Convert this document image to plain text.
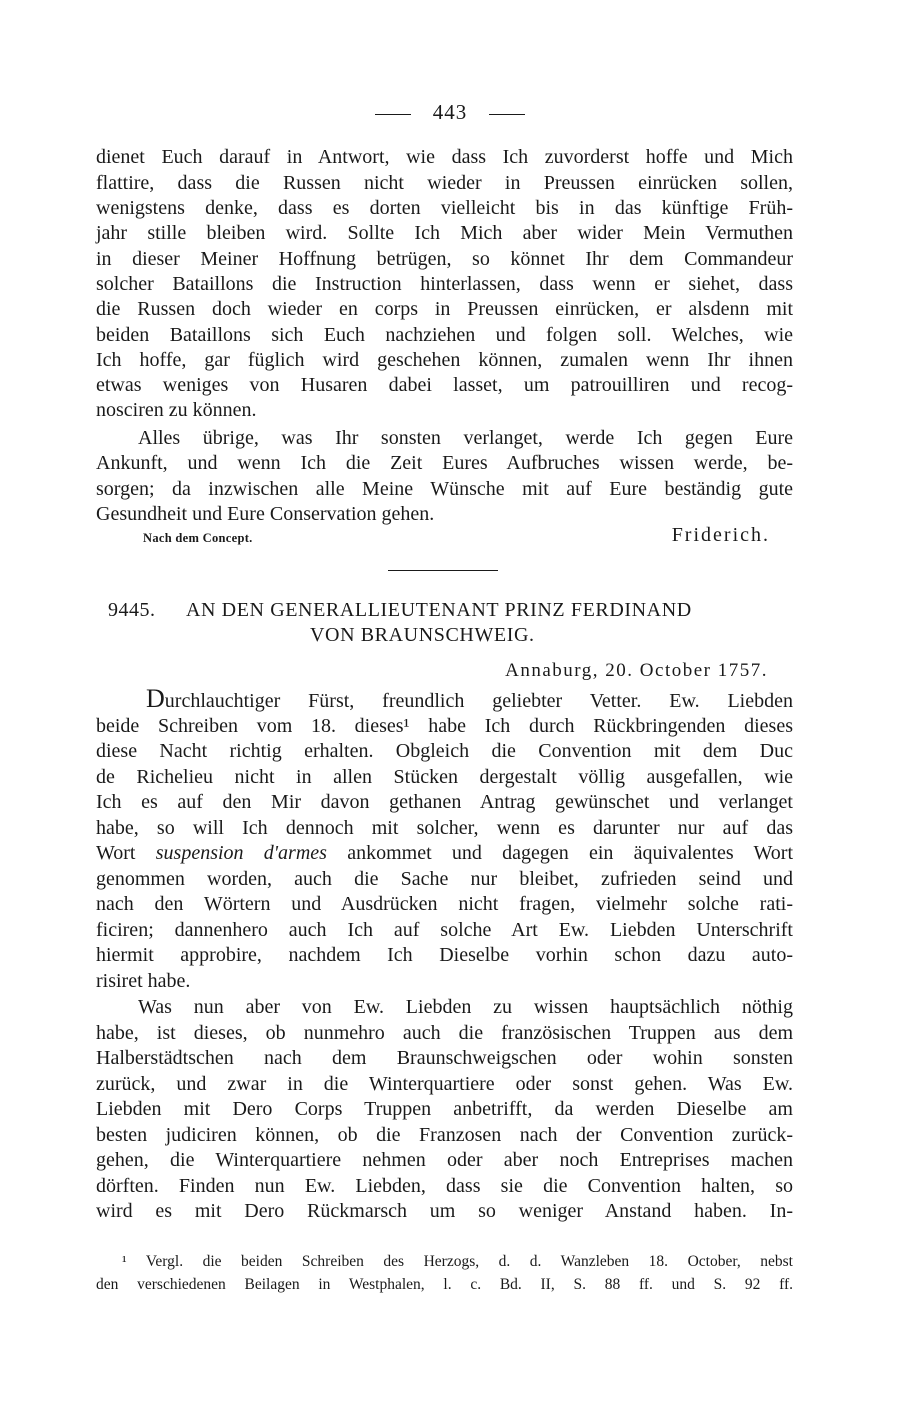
443
dienet Euch darauf in Antwort, wie dass Ich zuvorderst hoffe und Mich
flattire, dass die Russen nicht wieder in Preussen einrücken sollen,
wenigstens denke, dass es dorten vielleicht bis in das künftige Früh-
jahr stille bleiben wird. Sollte Ich Mich aber wider Mein Vermuthen
in dieser Meiner Hoffnung betrügen, so könnet Ihr dem Commandeur
solcher Bataillons die Instruction hinterlassen, dass wenn er siehet, dass
die Russen doch wieder en corps in Preussen einrücken, er alsdenn mit
beiden Bataillons sich Euch nachziehen und folgen soll. Welches, wie
Ich hoffe, gar füglich wird geschehen können, zumalen wenn Ihr ihnen
etwas weniges von Husaren dabei lasset, um patrouilliren und recog-
nosciren zu können.
Alles übrige, was Ihr sonsten verlanget, werde Ich gegen Eure
Ankunft, und wenn Ich die Zeit Eures Aufbruches wissen werde, be-
sorgen; da inzwischen alle Meine Wünsche mit auf Eure beständig gute
Gesundheit und Eure Conservation gehen.
Nach dem Concept.	Friderich.
9445. AN DEN GENERALLIEUTENANT PRINZ FERDINAND
VON BRAUNSCHWEIG.
Annaburg, 20. October 1757.
Durchlauchtiger Fürst, freundlich geliebter Vetter. Ew. Liebden
beide Schreiben vom 18. dieses¹ habe Ich durch Rückbringenden dieses
diese Nacht richtig erhalten. Obgleich die Convention mit dem Duc
de Richelieu nicht in allen Stücken dergestalt völlig ausgefallen, wie
Ich es auf den Mir davon gethanen Antrag gewünschet und verlanget
habe, so will Ich dennoch mit solcher, wenn es darunter nur auf das
Wort suspension d'armes ankommet und dagegen ein äquivalentes Wort
genommen worden, auch die Sache nur bleibet, zufrieden seind und
nach den Wörtern und Ausdrücken nicht fragen, vielmehr solche rati-
ficiren; dannenhero auch Ich auf solche Art Ew. Liebden Unterschrift
hiermit approbire, nachdem Ich Dieselbe vorhin schon dazu auto-
risiret habe.
Was nun aber von Ew. Liebden zu wissen hauptsächlich nöthig
habe, ist dieses, ob nunmehro auch die französischen Truppen aus dem
Halberstädtschen nach dem Braunschweigschen oder wohin sonsten
zurück, und zwar in die Winterquartiere oder sonst gehen. Was Ew.
Liebden mit Dero Corps Truppen anbetrifft, da werden Dieselbe am
besten judiciren können, ob die Franzosen nach der Convention zurück-
gehen, die Winterquartiere nehmen oder aber noch Entreprises machen
dörften. Finden nun Ew. Liebden, dass sie die Convention halten, so
wird es mit Dero Rückmarsch um so weniger Anstand haben. In-
¹ Vergl. die beiden Schreiben des Herzogs, d. d. Wanzleben 18. October, nebst
den verschiedenen Beilagen in Westphalen, l. c. Bd. II, S. 88 ff. und S. 92 ff.
